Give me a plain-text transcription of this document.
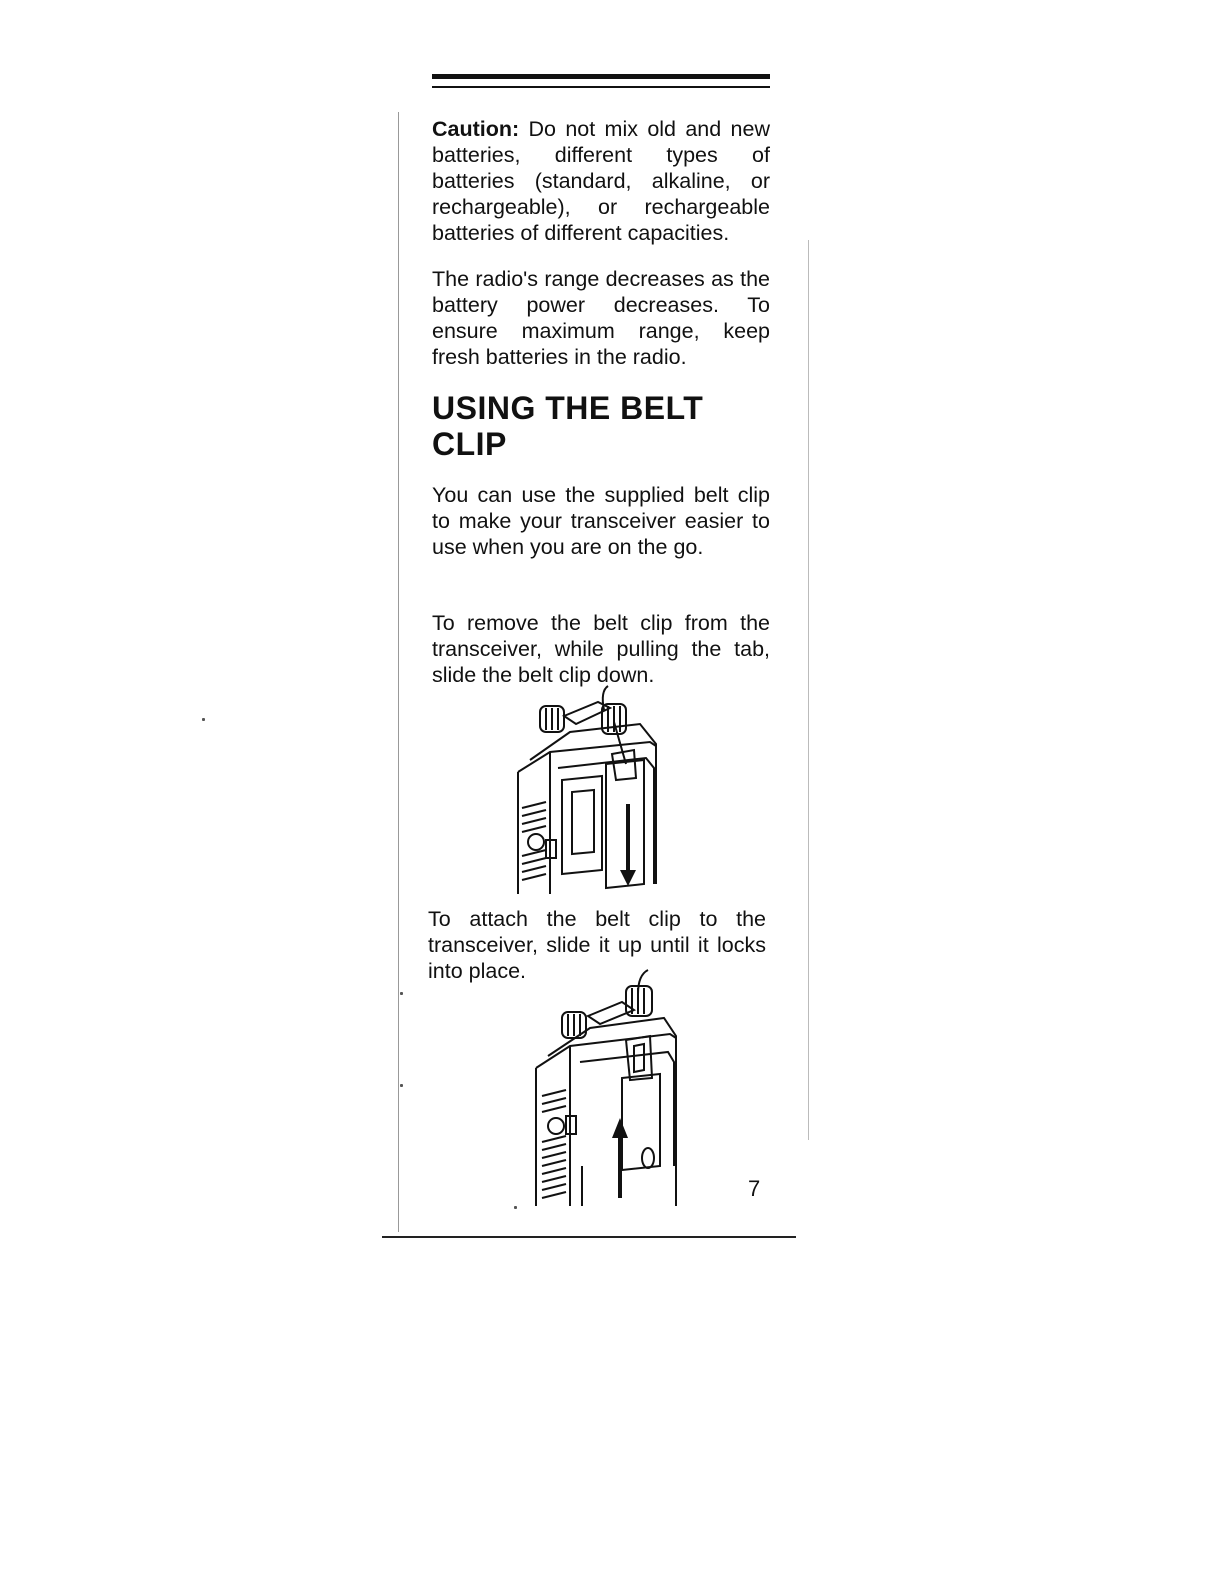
Caution: Do not mix old and new batteries, different types of batteries (standard, alkaline, or rechargeable), or rechargeable batteries of different capacities.

The radio's range decreases as the battery power decreases. To ensure maximum range, keep fresh batteries in the radio.

USING THE BELT CLIP

You can use the supplied belt clip to make your transceiver easier to use when you are on the go.

To remove the belt clip from the transceiver, while pulling the tab, slide the belt clip down.

To attach the belt clip to the transceiver, slide it up until it locks into place.

7
